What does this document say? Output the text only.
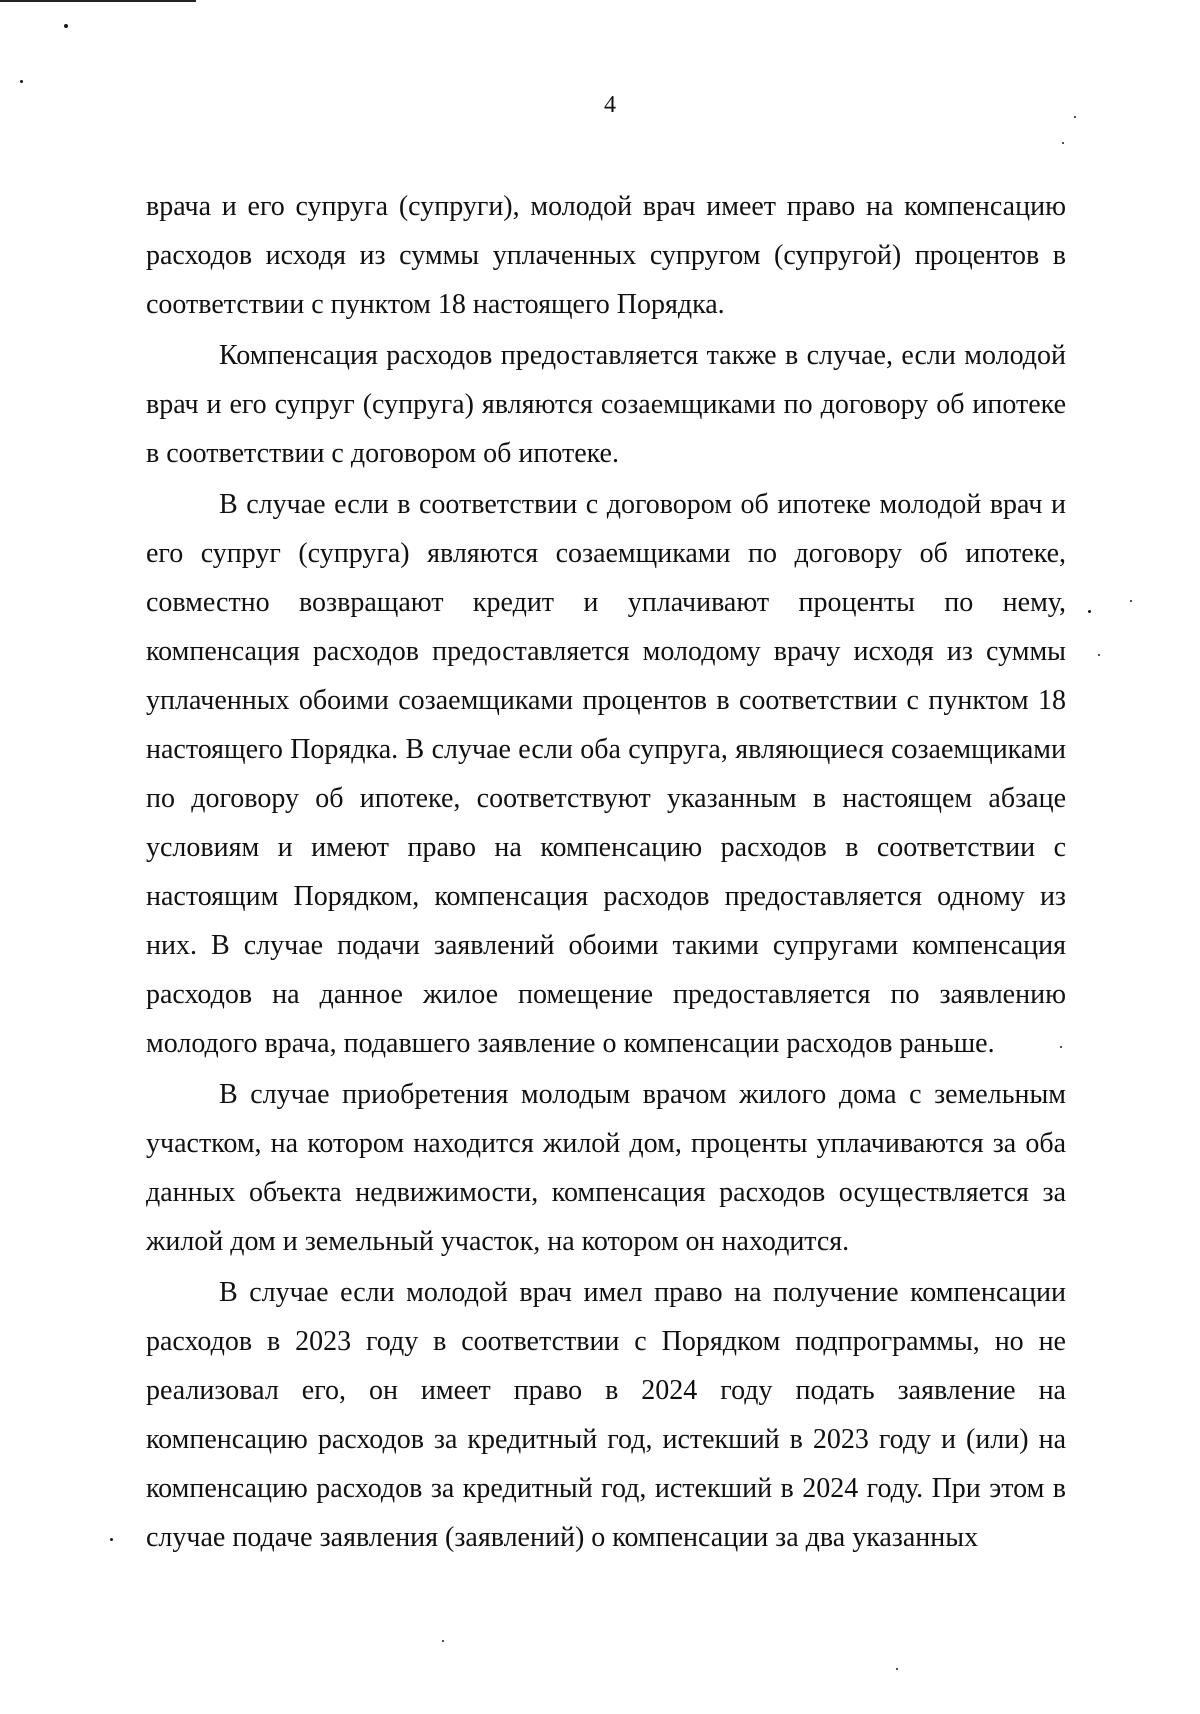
4

врача и его супруга (супруги), молодой врач имеет право на компенсацию расходов исходя из суммы уплаченных супругом (супругой) процентов в соответствии с пунктом 18 настоящего Порядка.

Компенсация расходов предоставляется также в случае, если молодой врач и его супруг (супруга) являются созаемщиками по договору об ипотеке в соответствии с договором об ипотеке.

В случае если в соответствии с договором об ипотеке молодой врач и его супруг (супруга) являются созаемщиками по договору об ипотеке, совместно возвращают кредит и уплачивают проценты по нему, компенсация расходов предоставляется молодому врачу исходя из суммы уплаченных обоими созаемщиками процентов в соответствии с пунктом 18 настоящего Порядка. В случае если оба супруга, являющиеся созаемщиками по договору об ипотеке, соответствуют указанным в настоящем абзаце условиям и имеют право на компенсацию расходов в соответствии с настоящим Порядком, компенсация расходов предоставляется одному из них. В случае подачи заявлений обоими такими супругами компенсация расходов на данное жилое помещение предоставляется по заявлению молодого врача, подавшего заявление о компенсации расходов раньше.

В случае приобретения молодым врачом жилого дома с земельным участком, на котором находится жилой дом, проценты уплачиваются за оба данных объекта недвижимости, компенсация расходов осуществляется за жилой дом и земельный участок, на котором он находится.

В случае если молодой врач имел право на получение компенсации расходов в 2023 году в соответствии с Порядком подпрограммы, но не реализовал его, он имеет право в 2024 году подать заявление на компенсацию расходов за кредитный год, истекший в 2023 году и (или) на компенсацию расходов за кредитный год, истекший в 2024 году. При этом в случае подаче заявления (заявлений) о компенсации за два указанных
